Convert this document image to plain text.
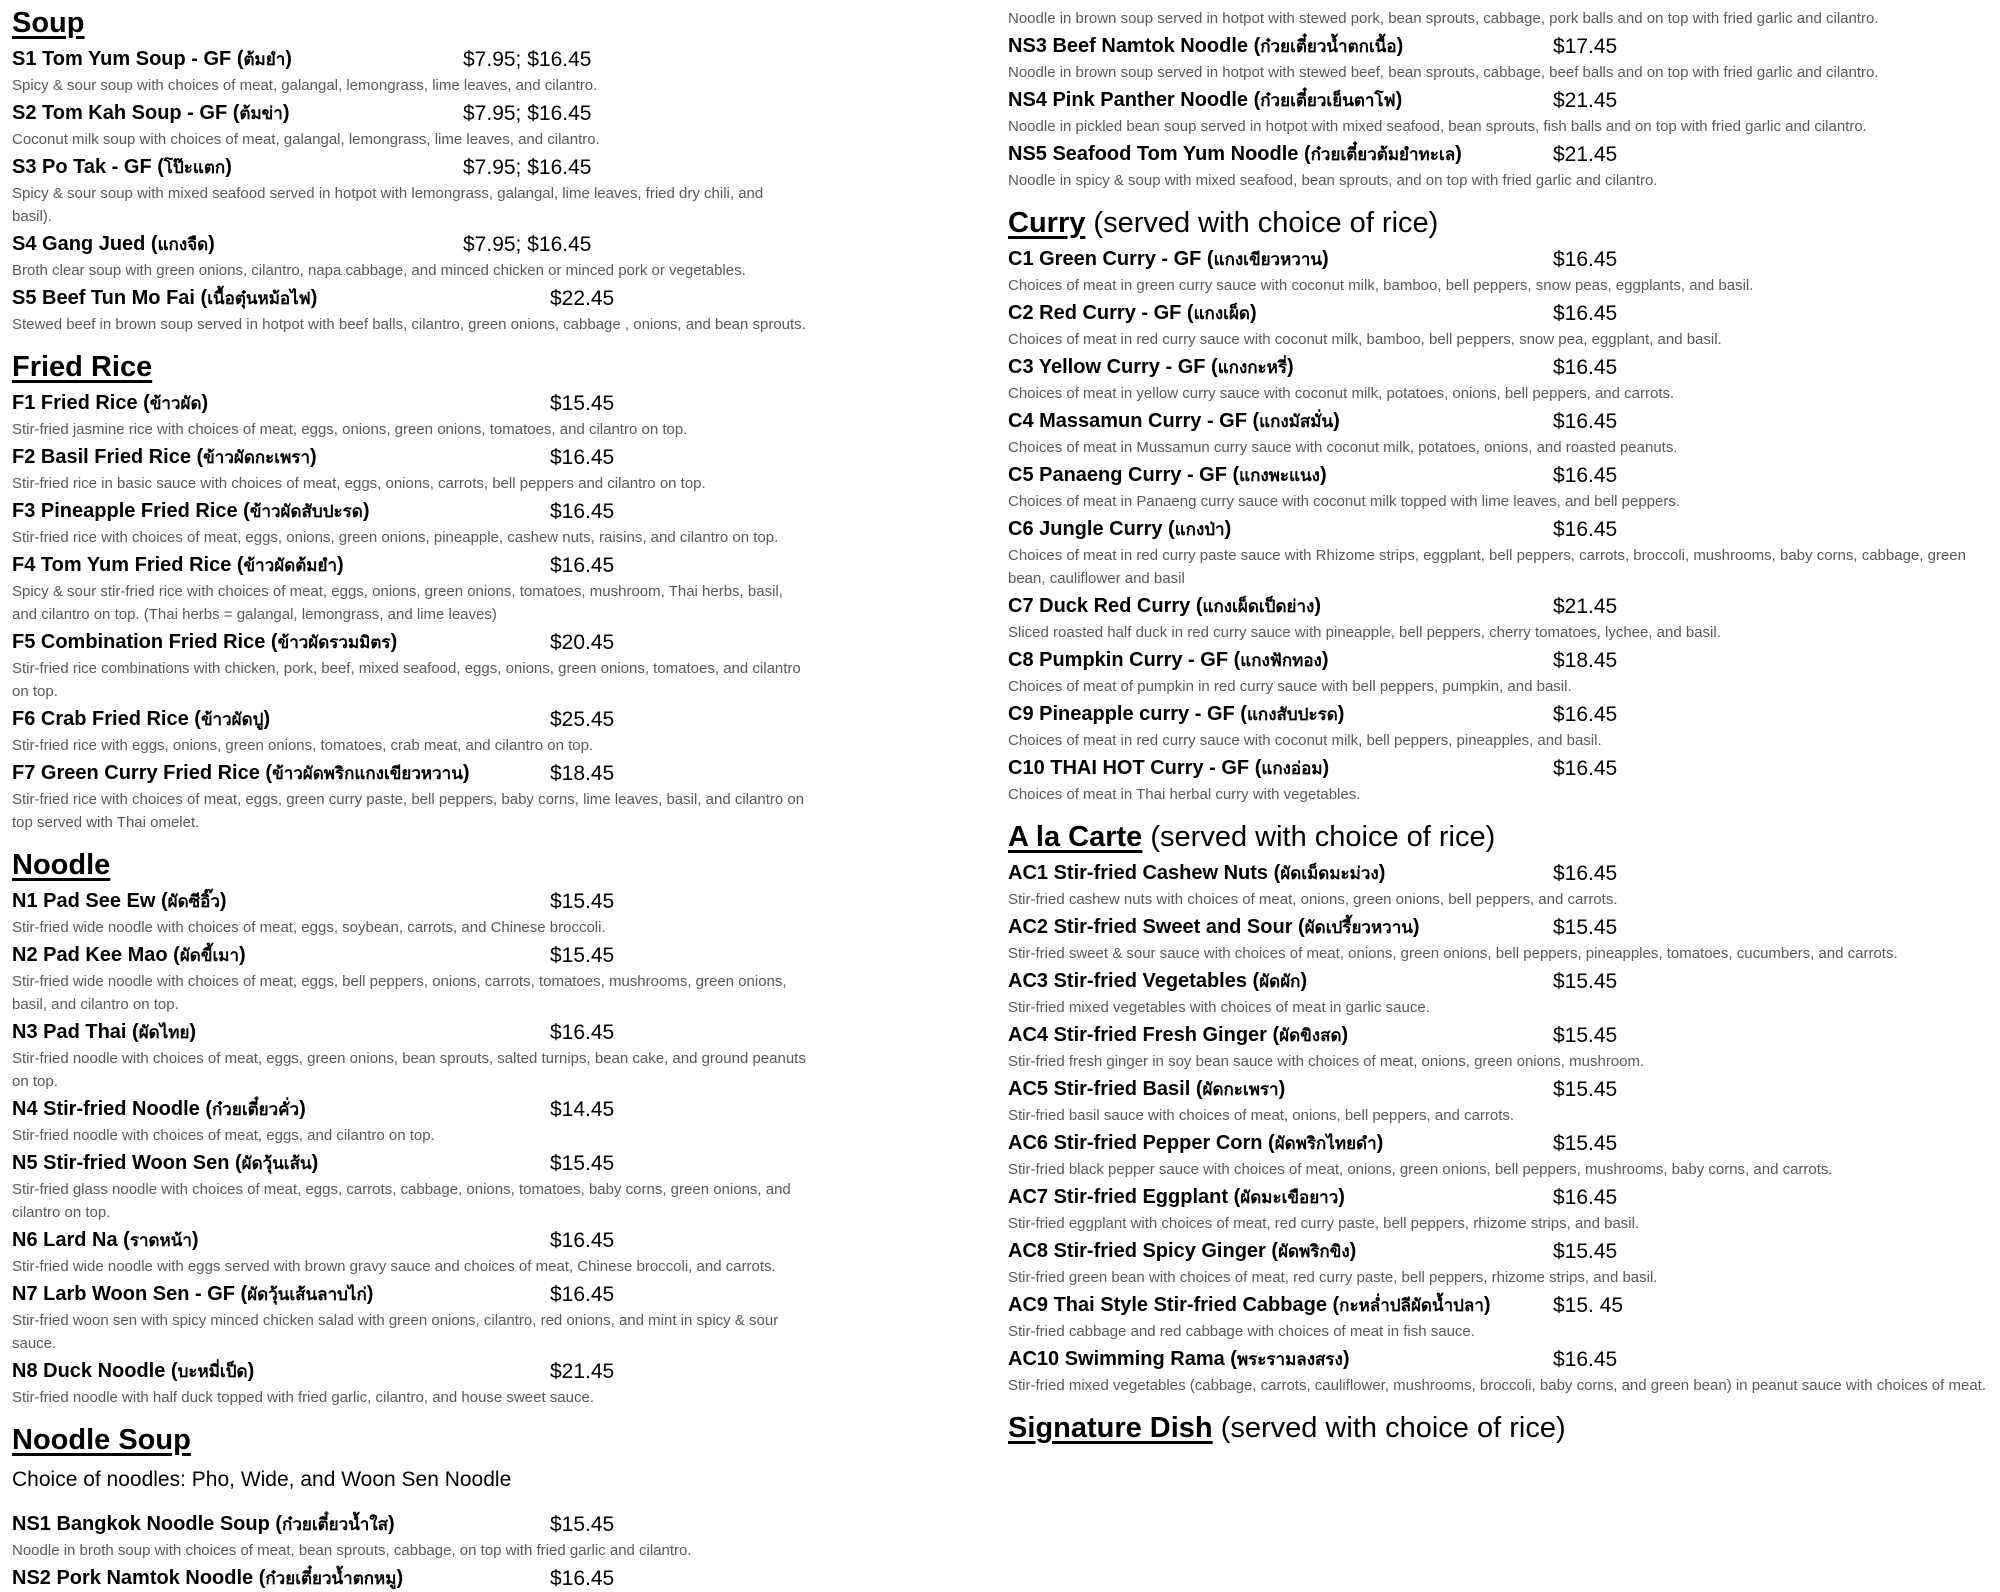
Soup
S1 Tom Yum Soup - GF (ต้มยำ)	$7.95; $16.45
Spicy & sour soup with choices of meat, galangal, lemongrass, lime leaves, and cilantro.
S2 Tom Kah Soup - GF (ต้มข่า)	$7.95; $16.45
Coconut milk soup with choices of meat, galangal, lemongrass, lime leaves, and cilantro.
S3 Po Tak - GF (โป๊ะแตก)	$7.95; $16.45
Spicy & sour soup with mixed seafood served in hotpot with lemongrass, galangal, lime leaves, fried dry chili, and basil).
S4 Gang Jued (แกงจืด)	$7.95; $16.45
Broth clear soup with green onions, cilantro, napa cabbage, and minced chicken or minced pork or vegetables.
S5 Beef Tun Mo Fai (เนื้อตุ๋นหม้อไฟ)	$22.45
Stewed beef in brown soup served in hotpot with beef balls, cilantro, green onions, cabbage , onions, and bean sprouts.
Fried Rice
F1 Fried Rice (ข้าวผัด)	$15.45
Stir-fried jasmine rice with choices of meat, eggs, onions, green onions, tomatoes, and cilantro on top.
F2 Basil Fried Rice (ข้าวผัดกะเพรา)	$16.45
Stir-fried rice in basic sauce with choices of meat, eggs, onions, carrots, bell peppers and cilantro on top.
F3 Pineapple Fried Rice (ข้าวผัดสับปะรด)	$16.45
Stir-fried rice with choices of meat, eggs, onions, green onions, pineapple, cashew nuts, raisins, and cilantro on top.
F4 Tom Yum Fried Rice (ข้าวผัดต้มยำ)	$16.45
Spicy & sour stir-fried rice with choices of meat, eggs, onions, green onions, tomatoes, mushroom, Thai herbs, basil, and cilantro on top. (Thai herbs = galangal, lemongrass, and lime leaves)
F5 Combination Fried Rice (ข้าวผัดรวมมิตร)	$20.45
Stir-fried rice combinations with chicken, pork, beef, mixed seafood, eggs, onions, green onions, tomatoes, and cilantro on top.
F6 Crab Fried Rice (ข้าวผัดปู)	$25.45
Stir-fried rice with eggs, onions, green onions, tomatoes, crab meat, and cilantro on top.
F7 Green Curry Fried Rice (ข้าวผัดพริกแกงเขียวหวาน)	$18.45
Stir-fried rice with choices of meat, eggs, green curry paste, bell peppers, baby corns, lime leaves, basil, and cilantro on top served with Thai omelet.
Noodle
N1 Pad See Ew (ผัดซีอิ๊ว)	$15.45
Stir-fried wide noodle with choices of meat, eggs, soybean, carrots, and Chinese broccoli.
N2 Pad Kee Mao (ผัดขี้เมา)	$15.45
Stir-fried wide noodle with choices of meat, eggs, bell peppers, onions, carrots, tomatoes, mushrooms, green onions, basil, and cilantro on top.
N3 Pad Thai (ผัดไทย)	$16.45
Stir-fried noodle with choices of meat, eggs, green onions, bean sprouts, salted turnips, bean cake, and ground peanuts on top.
N4 Stir-fried Noodle (ก๋วยเตี๋ยวคั่ว)	$14.45
Stir-fried noodle with choices of meat, eggs, and cilantro on top.
N5 Stir-fried Woon Sen (ผัดวุ้นเส้น)	$15.45
Stir-fried glass noodle with choices of meat, eggs, carrots, cabbage, onions, tomatoes, baby corns, green onions, and cilantro on top.
N6 Lard Na (ราดหน้า)	$16.45
Stir-fried wide noodle with eggs served with brown gravy sauce and choices of meat, Chinese broccoli, and carrots.
N7 Larb Woon Sen - GF (ผัดวุ้นเส้นลาบไก่)	$16.45
Stir-fried woon sen with spicy minced chicken salad with green onions, cilantro, red onions, and mint in spicy & sour sauce.
N8 Duck Noodle (บะหมี่เป็ด)	$21.45
Stir-fried noodle with half duck topped with fried garlic, cilantro, and house sweet sauce.
Noodle Soup
Choice of noodles: Pho, Wide, and Woon Sen Noodle
NS1 Bangkok Noodle Soup (ก๋วยเตี๋ยวน้ำใส)	$15.45
Noodle in broth soup with choices of meat, bean sprouts, cabbage, on top with fried garlic and cilantro.
NS2 Pork Namtok Noodle (ก๋วยเตี๋ยวน้ำตกหมู)	$16.45
Noodle in brown soup served in hotpot with stewed pork, bean sprouts, cabbage, pork balls and on top with fried garlic and cilantro.
NS3 Beef Namtok Noodle (ก๋วยเตี๋ยวน้ำตกเนื้อ)	$17.45
Noodle in brown soup served in hotpot with stewed beef, bean sprouts, cabbage, beef balls and on top with fried garlic and cilantro.
NS4 Pink Panther Noodle (ก๋วยเตี๋ยวเย็นตาโฟ)	$21.45
Noodle in pickled bean soup served in hotpot with mixed seafood, bean sprouts, fish balls and on top with fried garlic and cilantro.
NS5 Seafood Tom Yum Noodle (ก๋วยเตี๋ยวต้มยำทะเล)	$21.45
Noodle in spicy & soup with mixed seafood, bean sprouts, and on top with fried garlic and cilantro.
Curry (served with choice of rice)
C1 Green Curry - GF (แกงเขียวหวาน)	$16.45
Choices of meat in green curry sauce with coconut milk, bamboo, bell peppers, snow peas, eggplants, and basil.
C2 Red Curry - GF (แกงเผ็ด)	$16.45
Choices of meat in red curry sauce with coconut milk, bamboo, bell peppers, snow pea, eggplant, and basil.
C3 Yellow Curry - GF (แกงกะหรี่)	$16.45
Choices of meat in yellow curry sauce with coconut milk, potatoes, onions, bell peppers, and carrots.
C4 Massamun Curry - GF (แกงมัสมั่น)	$16.45
Choices of meat in Mussamun curry sauce with coconut milk, potatoes, onions, and roasted peanuts.
C5 Panaeng Curry - GF (แกงพะแนง)	$16.45
Choices of meat in Panaeng curry sauce with coconut milk topped with lime leaves, and bell peppers.
C6 Jungle Curry (แกงป่า)	$16.45
Choices of meat in red curry paste sauce with Rhizome strips, eggplant, bell peppers, carrots, broccoli, mushrooms, baby corns, cabbage, green bean, cauliflower and basil
C7 Duck Red Curry (แกงเผ็ดเป็ดย่าง)	$21.45
Sliced roasted half duck in red curry sauce with pineapple, bell peppers, cherry tomatoes, lychee, and basil.
C8 Pumpkin Curry - GF (แกงฟักทอง)	$18.45
Choices of meat of pumpkin in red curry sauce with bell peppers, pumpkin, and basil.
C9 Pineapple curry - GF (แกงสับปะรด)	$16.45
Choices of meat in red curry sauce with coconut milk, bell peppers, pineapples, and basil.
C10 THAI HOT Curry - GF (แกงอ่อม)	$16.45
Choices of meat in Thai herbal curry with vegetables.
A la Carte (served with choice of rice)
AC1 Stir-fried Cashew Nuts (ผัดเม็ดมะม่วง)	$16.45
Stir-fried cashew nuts with choices of meat, onions, green onions, bell peppers, and carrots.
AC2 Stir-fried Sweet and Sour (ผัดเปรี้ยวหวาน)	$15.45
Stir-fried sweet & sour sauce with choices of meat, onions, green onions, bell peppers, pineapples, tomatoes, cucumbers, and carrots.
AC3 Stir-fried Vegetables (ผัดผัก)	$15.45
Stir-fried mixed vegetables with choices of meat in garlic sauce.
AC4 Stir-fried Fresh Ginger (ผัดขิงสด)	$15.45
Stir-fried fresh ginger in soy bean sauce with choices of meat, onions, green onions, mushroom.
AC5 Stir-fried Basil (ผัดกะเพรา)	$15.45
Stir-fried basil sauce with choices of meat, onions, bell peppers, and carrots.
AC6 Stir-fried Pepper Corn (ผัดพริกไทยดำ)	$15.45
Stir-fried black pepper sauce with choices of meat, onions, green onions, bell peppers, mushrooms, baby corns, and carrots.
AC7 Stir-fried Eggplant (ผัดมะเขือยาว)	$16.45
Stir-fried eggplant with choices of meat, red curry paste, bell peppers, rhizome strips, and basil.
AC8 Stir-fried Spicy Ginger (ผัดพริกขิง)	$15.45
Stir-fried green bean with choices of meat, red curry paste, bell peppers, rhizome strips, and basil.
AC9 Thai Style Stir-fried Cabbage (กะหล่ำปลีผัดน้ำปลา)	$15. 45
Stir-fried cabbage and red cabbage with choices of meat in fish sauce.
AC10 Swimming Rama (พระรามลงสรง)	$16.45
Stir-fried mixed vegetables (cabbage, carrots, cauliflower, mushrooms, broccoli, baby corns, and green bean) in peanut sauce with choices of meat.
Signature Dish (served with choice of rice)
